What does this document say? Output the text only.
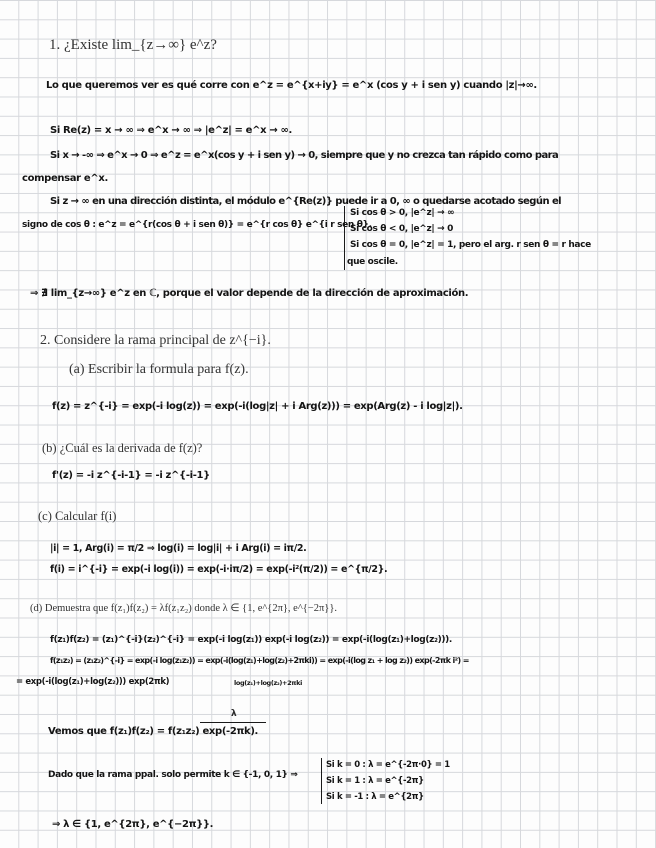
1. ¿Existe lim_{z→∞} e^z?
Lo que queremos ver es qué corre con e^z = e^{x+iy} = e^x (cos y + i sen y) cuando |z|→∞.
Si Re(z) = x → ∞ ⇒ e^x → ∞ ⇒ |e^z| = e^x → ∞.
Si x → -∞ ⇒ e^x → 0 ⇒ e^z = e^x(cos y + i sen y) → 0, siempre que y no crezca tan rápido como para
compensar e^x.
Si z → ∞ en una dirección distinta, el módulo e^{Re(z)} puede ir a 0, ∞ o quedarse acotado según el
signo de cos θ : e^z = e^{r(cos θ + i sen θ)} = e^{r cos θ} e^{i r sen θ}.
Si cos θ > 0, |e^z| → ∞
Si cos θ < 0, |e^z| → 0
Si cos θ = 0, |e^z| = 1, pero el arg. r sen θ = r hace
que oscile.
⇒ ∄ lim_{z→∞} e^z en ℂ, porque el valor depende de la dirección de aproximación.
2. Considere la rama principal de z^{−i}.
(a) Escribir la formula para f(z).
f(z) = z^{-i} = exp(-i log(z)) = exp(-i(log|z| + i Arg(z))) = exp(Arg(z) - i log|z|).
(b) ¿Cuál es la derivada de f(z)?
f'(z) = -i z^{-i-1} = -i z^{-i-1}
(c) Calcular f(i)
|i| = 1, Arg(i) = π/2 ⇒ log(i) = log|i| + i Arg(i) = iπ/2.
f(i) = i^{-i} = exp(-i log(i)) = exp(-i·iπ/2) = exp(-i²(π/2)) = e^{π/2}.
(d) Demuestra que f(z₁)f(z₂) = λf(z₁z₂) donde λ ∈ {1, e^{2π}, e^{−2π}}.
f(z₁)f(z₂) = (z₁)^{-i}(z₂)^{-i} = exp(-i log(z₁)) exp(-i log(z₂)) = exp(-i(log(z₁)+log(z₂))).
f(z₁z₂) = (z₁z₂)^{-i} = exp(-i log(z₁z₂)) = exp(-i(log(z₁)+log(z₂)+2πki)) = exp(-i(log z₁ + log z₂)) exp(-2πk i²) =
= exp(-i(log(z₁)+log(z₂))) exp(2πk)	log(z₁)+log(z₂)+2πki
λ
Vemos que f(z₁)f(z₂) = f(z₁z₂) exp(-2πk).
Dado que la rama ppal. solo permite k ∈ {-1, 0, 1} ⇒
Si k = 0 : λ = e^{-2π·0} = 1
Si k = 1 : λ = e^{-2π}
Si k = -1 : λ = e^{2π}
⇒ λ ∈ {1, e^{2π}, e^{−2π}}.
